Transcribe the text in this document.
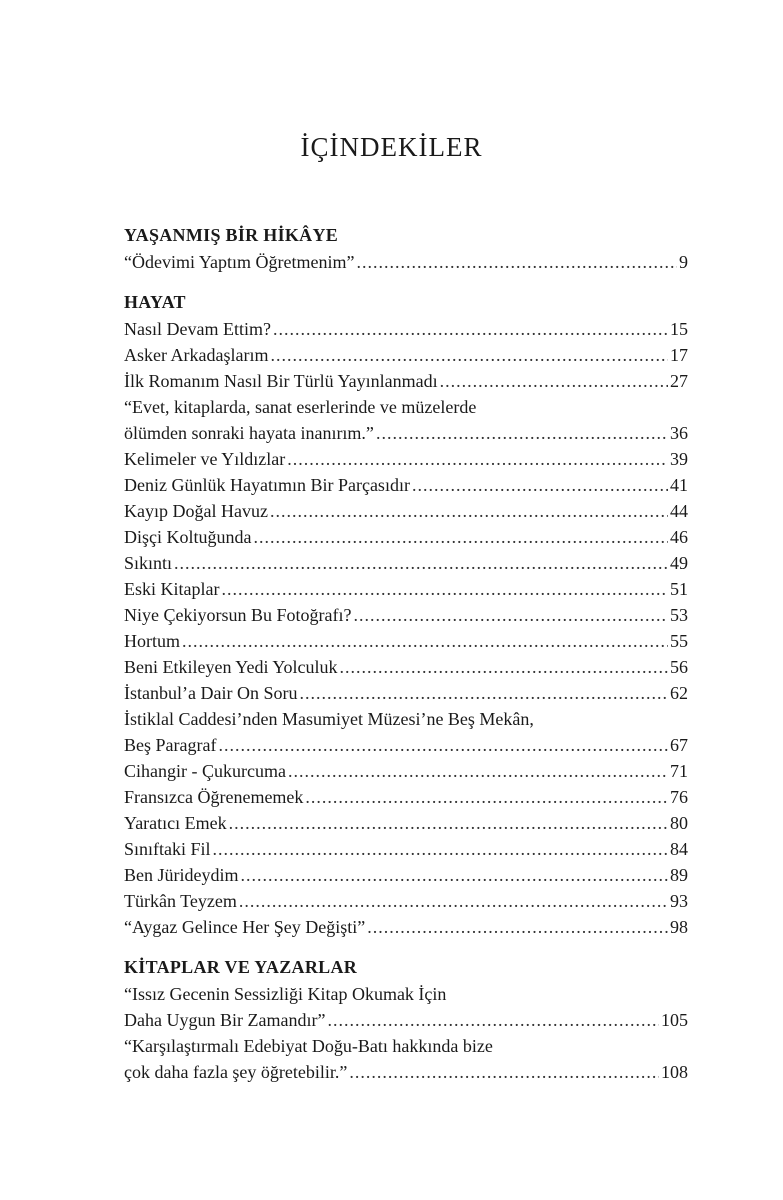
İÇİNDEKİLER
YAŞANMIŞ BİR HİKÂYE
“Ödevimi Yaptım Öğretmenim” .....	9
HAYAT
Nasıl Devam Ettim? .....	15
Asker Arkadaşlarım .....	17
İlk Romanım Nasıl Bir Türlü Yayınlanmadı .....	27
“Evet, kitaplarda, sanat eserlerinde ve müzelerde
ölümden sonraki hayata inanırım.” .....	36
Kelimeler ve Yıldızlar .....	39
Deniz Günlük Hayatımın Bir Parçasıdır .....	41
Kayıp Doğal Havuz .....	44
Dişçi Koltuğunda .....	46
Sıkıntı .....	49
Eski Kitaplar .....	51
Niye Çekiyorsun Bu Fotoğrafı? .....	53
Hortum .....	55
Beni Etkileyen Yedi Yolculuk .....	56
İstanbul’a Dair On Soru .....	62
İstiklal Caddesi’nden Masumiyet Müzesi’ne Beş Mekân,
Beş Paragraf .....	67
Cihangir - Çukurcuma .....	71
Fransızca Öğrenememek .....	76
Yaratıcı Emek .....	80
Sınıftaki Fil .....	84
Ben Jürideydim .....	89
Türkân Teyzem .....	93
“Aygaz Gelince Her Şey Değişti” .....	98
KİTAPLAR VE YAZARLAR
“Issız Gecenin Sessizliği Kitap Okumak İçin
Daha Uygun Bir Zamandır” .....	105
“Karşılaştırmalı Edebiyat Doğu-Batı hakkında bize
çok daha fazla şey öğretebilir.” .....	108
